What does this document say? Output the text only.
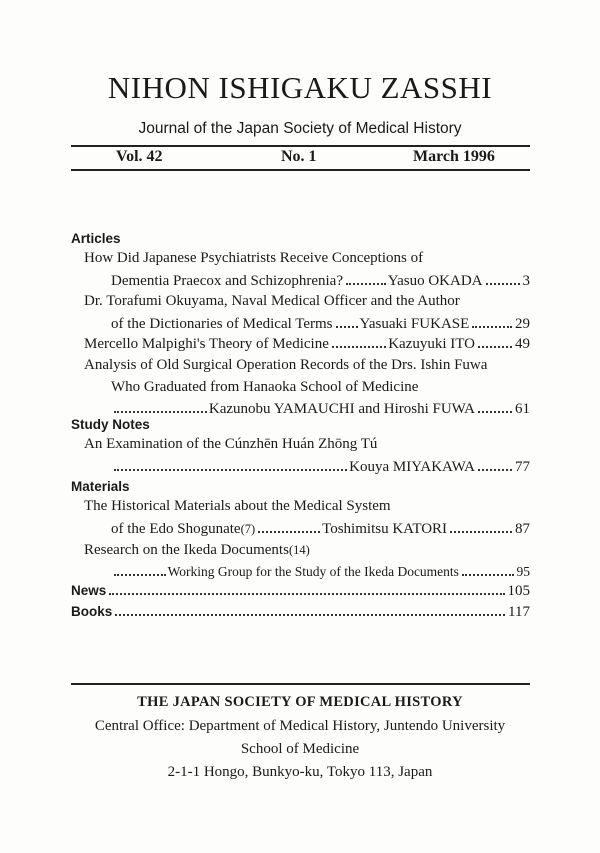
NIHON ISHIGAKU ZASSHI
Journal of the Japan Society of Medical History
Vol. 42	No. 1	March 1996
Articles
How Did Japanese Psychiatrists Receive Conceptions of
Dementia Praecox and Schizophrenia?	Yasuo OKADA	3
Dr. Torafumi Okuyama, Naval Medical Officer and the Author
of the Dictionaries of Medical Terms Yasuaki FUKASE	29
Mercello Malpighi's Theory of Medicine	Kazuyuki ITO	49
Analysis of Old Surgical Operation Records of the Drs. Ishin Fuwa
Who Graduated from Hanaoka School of Medicine
Kazunobu YAMAUCHI and Hiroshi FUWA	61
Study Notes
An Examination of the Cúnzhēn Huán Zhōng Tú
Kouya MIYAKAWA	77
Materials
The Historical Materials about the Medical System
of the Edo Shogunate (7)	Toshimitsu KATORI	87
Research on the Ikeda Documents (14)
Working Group for the Study of the Ikeda Documents	95
News	105
Books	117
THE JAPAN SOCIETY OF MEDICAL HISTORY
Central Office: Department of Medical History, Juntendo University
School of Medicine
2-1-1 Hongo, Bunkyo-ku, Tokyo 113, Japan
